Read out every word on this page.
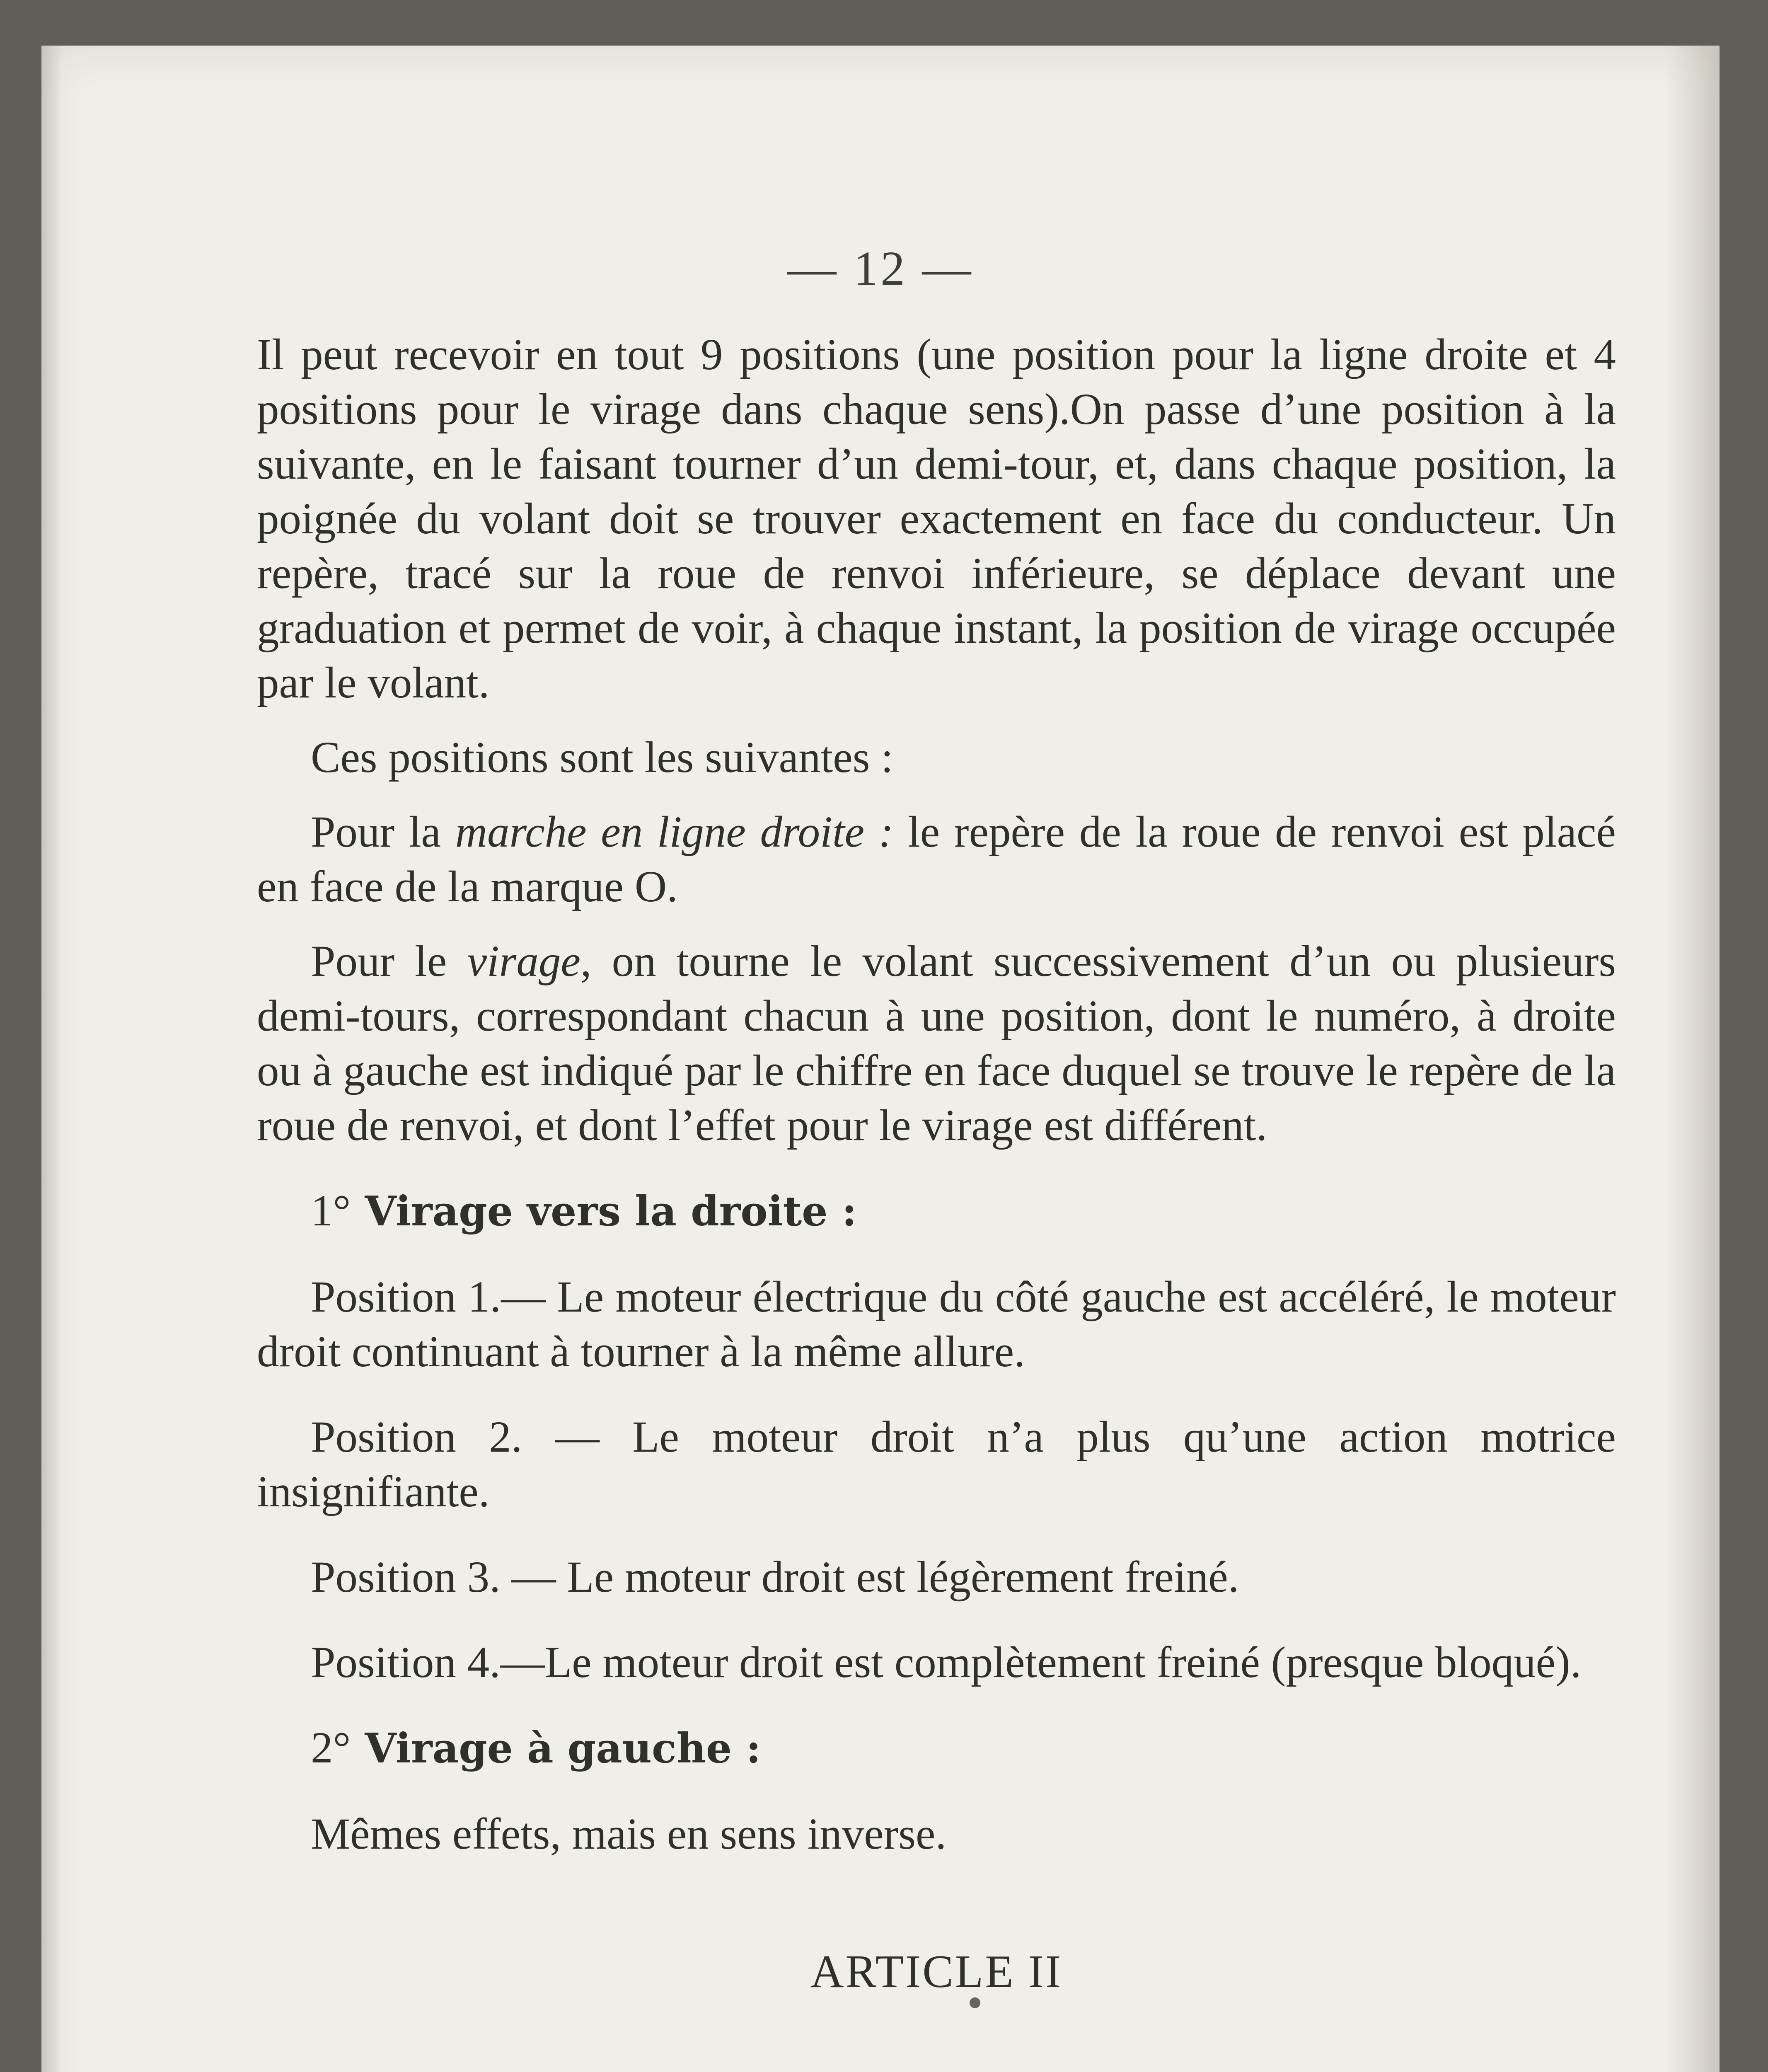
— 12 —

Il peut recevoir en tout 9 positions (une position pour la ligne droite et 4 positions pour le virage dans chaque sens).On passe d’une position à la suivante, en le faisant tourner d’un demi-tour, et, dans chaque position, la poignée du volant doit se trouver exactement en face du conducteur. Un repère, tracé sur la roue de renvoi inférieure, se déplace devant une graduation et permet de voir, à chaque instant, la position de virage occupée par le volant.

Ces positions sont les suivantes :

Pour la marche en ligne droite : le repère de la roue de renvoi est placé en face de la marque O.

Pour le virage, on tourne le volant successivement d’un ou plusieurs demi-tours, correspondant chacun à une position, dont le numéro, à droite ou à gauche est indiqué par le chiffre en face duquel se trouve le repère de la roue de renvoi, et dont l’effet pour le virage est différent.

1° Virage vers la droite :

Position 1.— Le moteur électrique du côté gauche est accéléré, le moteur droit continuant à tourner à la même allure.

Position 2. — Le moteur droit n’a plus qu’une action motrice insignifiante.

Position 3. — Le moteur droit est légèrement freiné.

Position 4.—Le moteur droit est complètement freiné (presque bloqué).

2° Virage à gauche :

Mêmes effets, mais en sens inverse.

ARTICLE II
